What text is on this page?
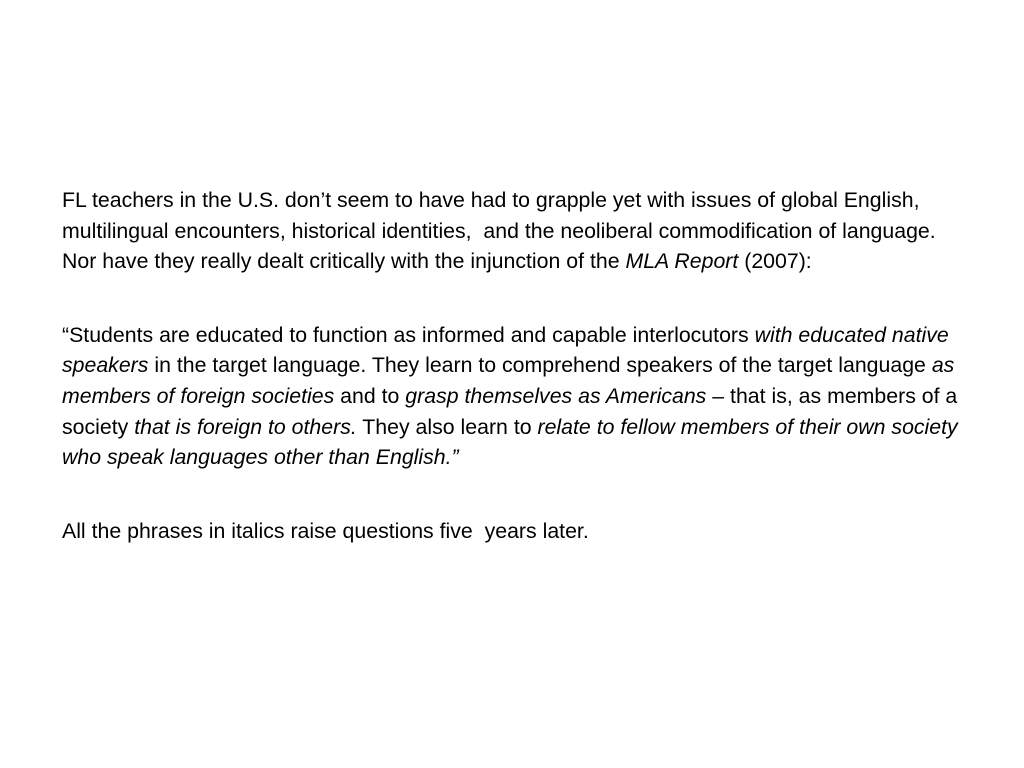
FL teachers in the U.S. don’t seem to have had to grapple yet with issues of global English, multilingual encounters, historical identities,  and the neoliberal commodification of language. Nor have they really dealt critically with the injunction of the MLA Report (2007):

“Students are educated to function as informed and capable interlocutors with educated native speakers in the target language. They learn to comprehend speakers of the target language as members of foreign societies and to grasp themselves as Americans – that is, as members of a society that is foreign to others. They also learn to relate to fellow members of their own society who speak languages other than English.”

All the phrases in italics raise questions five  years later.
